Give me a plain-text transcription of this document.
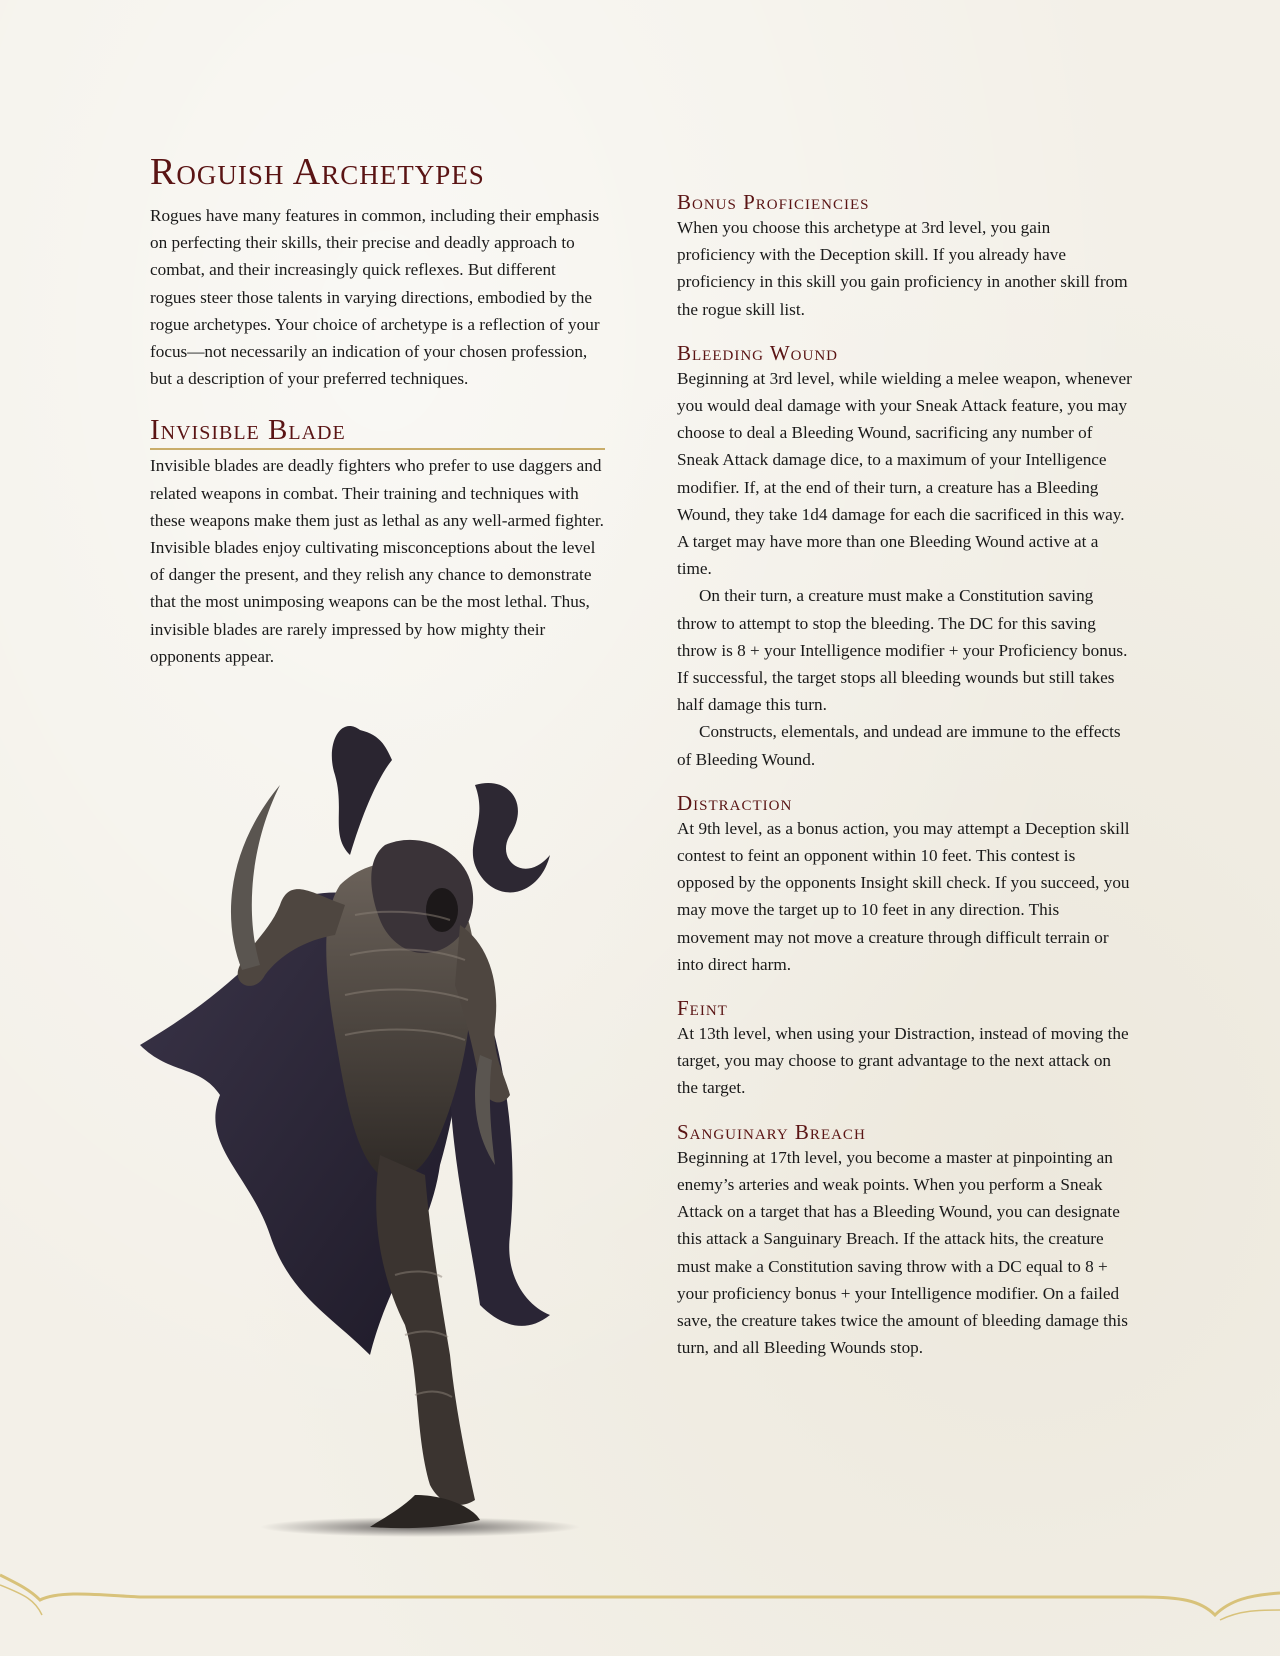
Roguish Archetypes

Rogues have many features in common, including their emphasis on perfecting their skills, their precise and deadly approach to combat, and their increasingly quick reflexes. But different rogues steer those talents in varying directions, embodied by the rogue archetypes. Your choice of archetype is a reflection of your focus—not necessarily an indication of your chosen profession, but a description of your preferred techniques.

Invisible Blade

Invisible blades are deadly fighters who prefer to use daggers and related weapons in combat. Their training and techniques with these weapons make them just as lethal as any well-armed fighter. Invisible blades enjoy cultivating misconceptions about the level of danger the present, and they relish any chance to demonstrate that the most unimposing weapons can be the most lethal. Thus, invisible blades are rarely impressed by how mighty their opponents appear.

Bonus Proficiencies

When you choose this archetype at 3rd level, you gain proficiency with the Deception skill. If you already have proficiency in this skill you gain proficiency in another skill from the rogue skill list.

Bleeding Wound

Beginning at 3rd level, while wielding a melee weapon, whenever you would deal damage with your Sneak Attack feature, you may choose to deal a Bleeding Wound, sacrificing any number of Sneak Attack damage dice, to a maximum of your Intelligence modifier. If, at the end of their turn, a creature has a Bleeding Wound, they take 1d4 damage for each die sacrificed in this way. A target may have more than one Bleeding Wound active at a time.

On their turn, a creature must make a Constitution saving throw to attempt to stop the bleeding. The DC for this saving throw is 8 + your Intelligence modifier + your Proficiency bonus. If successful, the target stops all bleeding wounds but still takes half damage this turn.

Constructs, elementals, and undead are immune to the effects of Bleeding Wound.

Distraction

At 9th level, as a bonus action, you may attempt a Deception skill contest to feint an opponent within 10 feet. This contest is opposed by the opponents Insight skill check. If you succeed, you may move the target up to 10 feet in any direction. This movement may not move a creature through difficult terrain or into direct harm.

Feint

At 13th level, when using your Distraction, instead of moving the target, you may choose to grant advantage to the next attack on the target.

Sanguinary Breach

Beginning at 17th level, you become a master at pinpointing an enemy’s arteries and weak points. When you perform a Sneak Attack on a target that has a Bleeding Wound, you can designate this attack a Sanguinary Breach. If the attack hits, the creature must make a Constitution saving throw with a DC equal to 8 + your proficiency bonus + your Intelligence modifier. On a failed save, the creature takes twice the amount of bleeding damage this turn, and all Bleeding Wounds stop.
